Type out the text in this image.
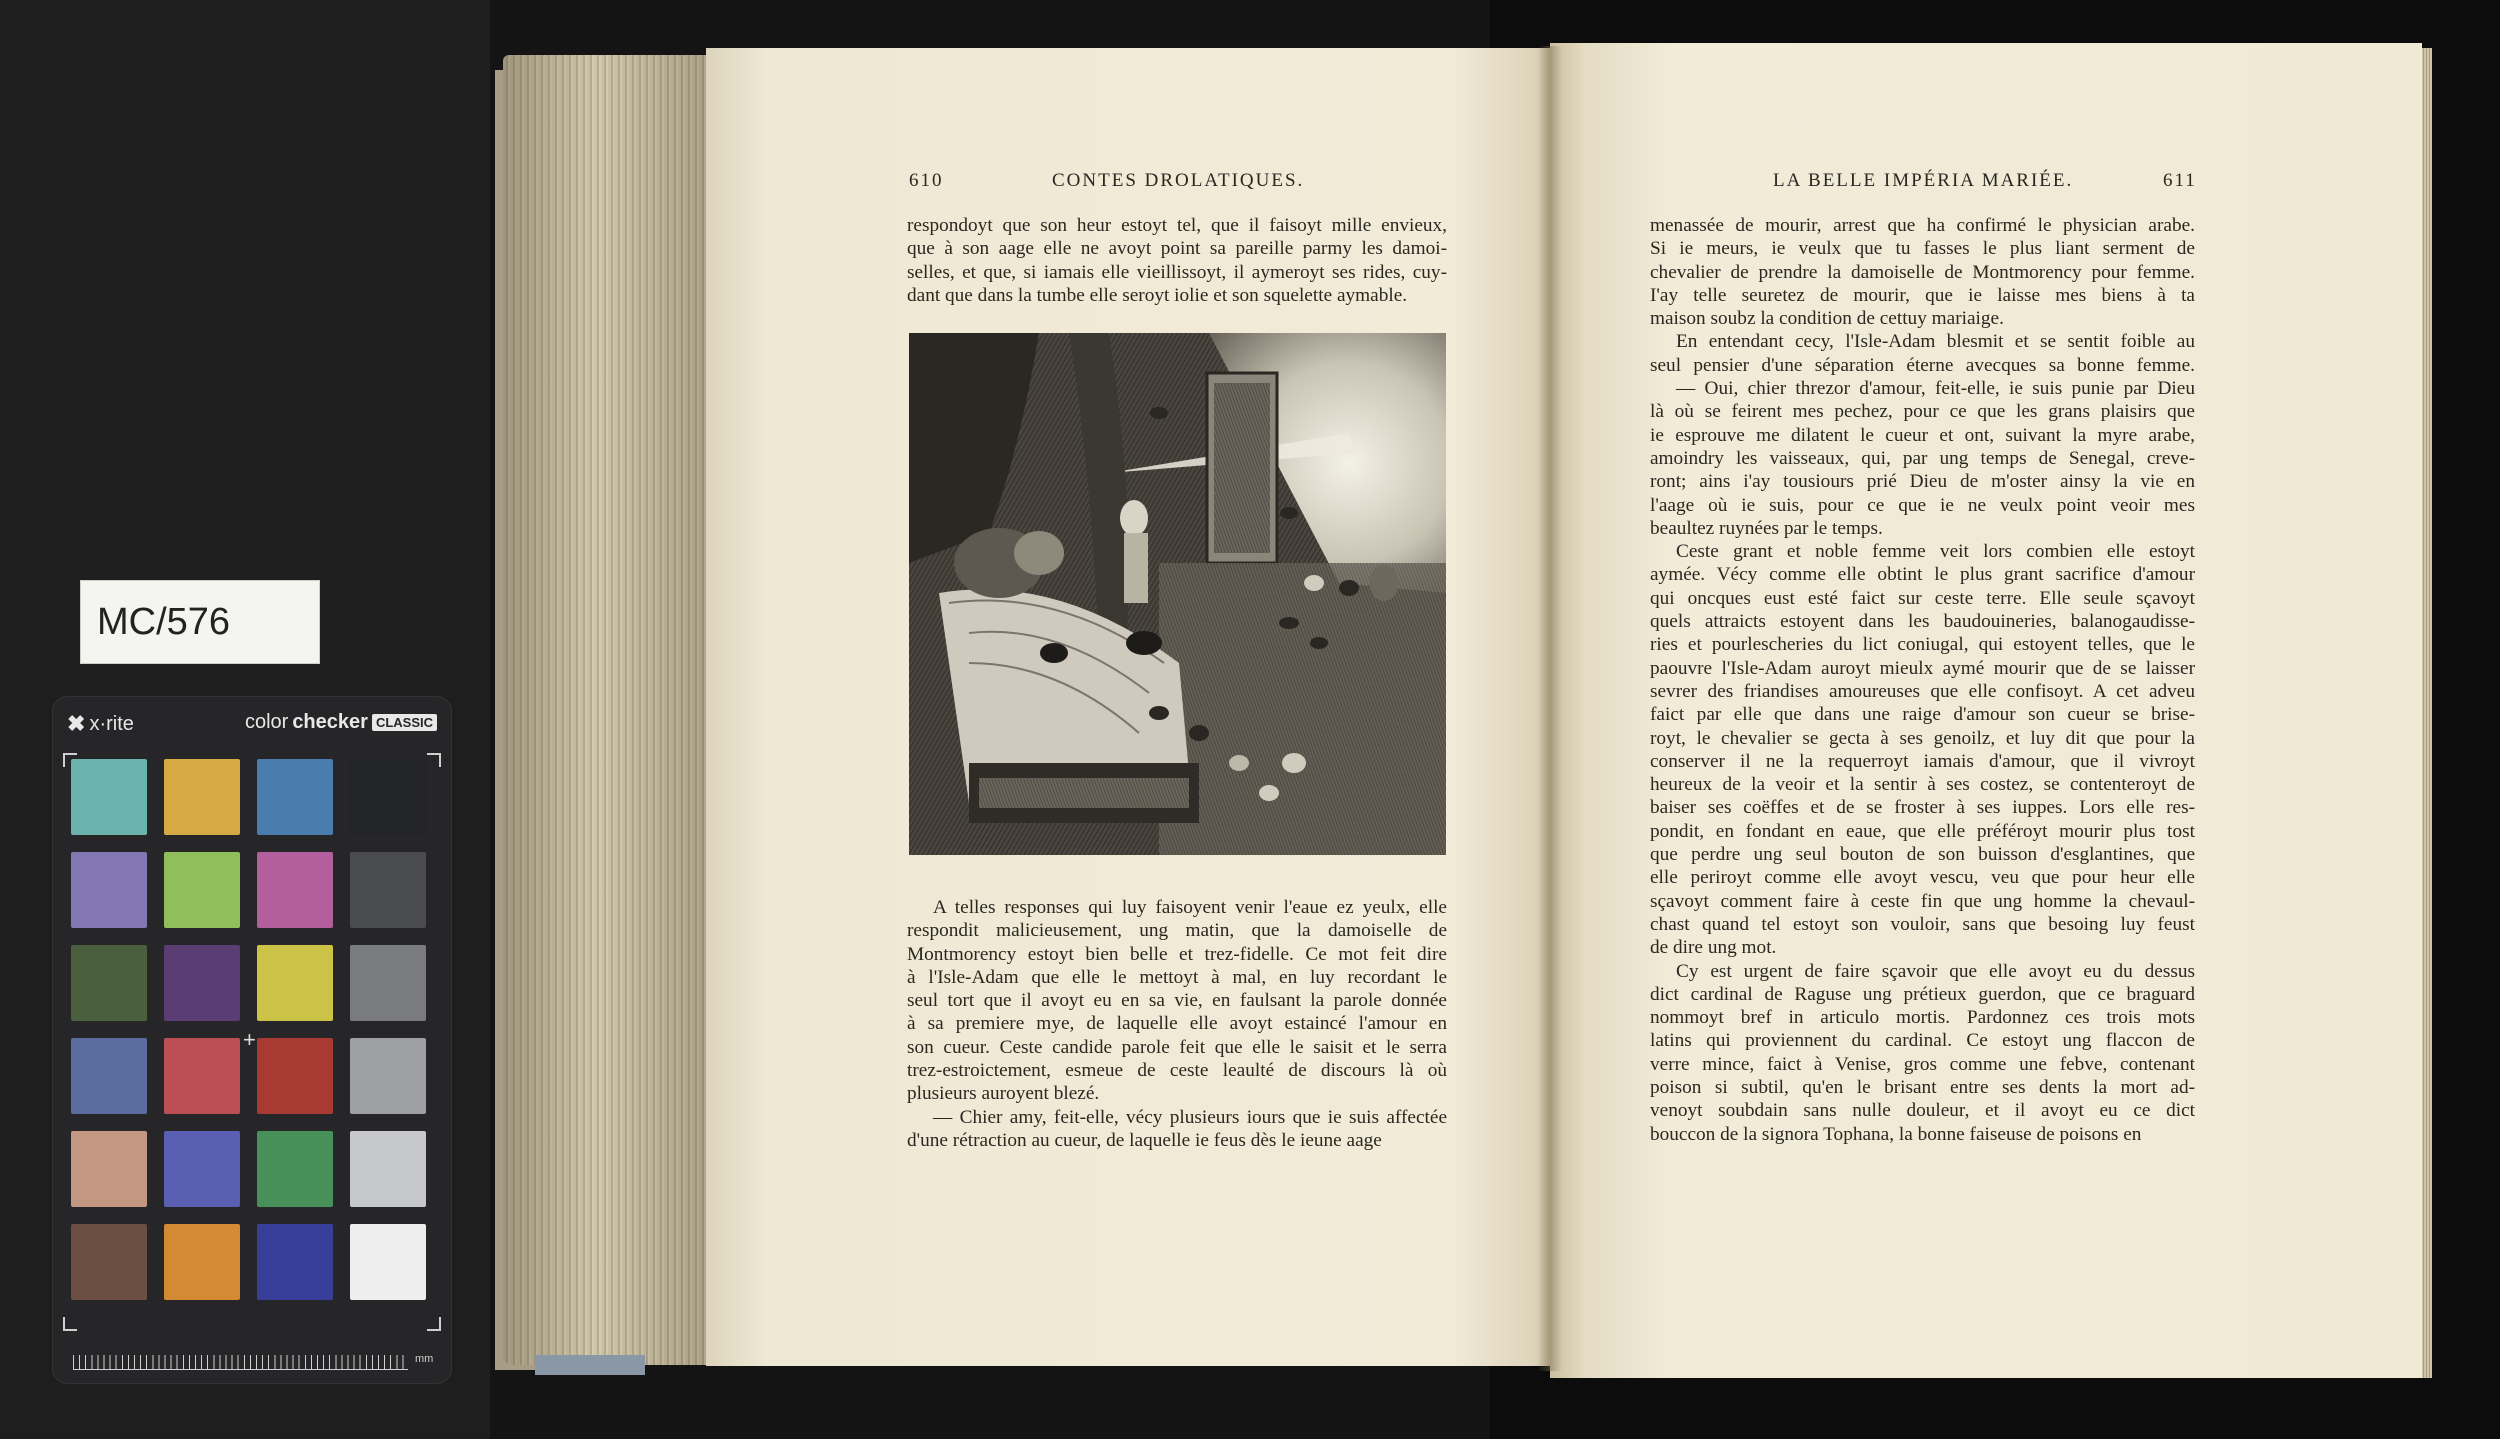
MC/576
✖ x·rite	color checker CLASSIC
+
mm
610	CONTES DROLATIQUES.	LA BELLE IMPÉRIA MARIÉE.	611
respondoyt que son heur estoyt tel, que il faisoyt mille envieux,
que à son aage elle ne avoyt point sa pareille parmy les damoi-
selles, et que, si iamais elle vieillissoyt, il aymeroyt ses rides, cuy-
dant que dans la tumbe elle seroyt iolie et son squelette aymable.
A telles responses qui luy faisoyent venir l'eaue ez yeulx, elle
respondit malicieusement, ung matin, que la damoiselle de
Montmorency estoyt bien belle et trez-fidelle. Ce mot feit dire
à l'Isle-Adam que elle le mettoyt à mal, en luy recordant le
seul tort que il avoyt eu en sa vie, en faulsant la parole donnée
à sa premiere mye, de laquelle elle avoyt estaincé l'amour en
son cueur. Ceste candide parole feit que elle le saisit et le serra
trez-estroictement, esmeue de ceste leaulté de discours là où
plusieurs auroyent blezé.
— Chier amy, feit-elle, vécy plusieurs iours que ie suis affectée
d'une rétraction au cueur, de laquelle ie feus dès le ieune aage
menassée de mourir, arrest que ha confirmé le physician arabe.
Si ie meurs, ie veulx que tu fasses le plus liant serment de
chevalier de prendre la damoiselle de Montmorency pour femme.
I'ay telle seuretez de mourir, que ie laisse mes biens à ta
maison soubz la condition de cettuy mariaige.
En entendant cecy, l'Isle-Adam blesmit et se sentit foible au
seul pensier d'une séparation éterne avecques sa bonne femme.
— Oui, chier threzor d'amour, feit-elle, ie suis punie par Dieu
là où se feirent mes pechez, pour ce que les grans plaisirs que
ie esprouve me dilatent le cueur et ont, suivant la myre arabe,
amoindry les vaisseaux, qui, par ung temps de Senegal, creve-
ront; ains i'ay tousiours prié Dieu de m'oster ainsy la vie en
l'aage où ie suis, pour ce que ie ne veulx point veoir mes
beaultez ruynées par le temps.
Ceste grant et noble femme veit lors combien elle estoyt
aymée. Vécy comme elle obtint le plus grant sacrifice d'amour
qui oncques eust esté faict sur ceste terre. Elle seule sçavoyt
quels attraicts estoyent dans les baudouineries, balanogaudisse-
ries et pourlescheries du lict coniugal, qui estoyent telles, que le
paouvre l'Isle-Adam auroyt mieulx aymé mourir que de se laisser
sevrer des friandises amoureuses que elle confisoyt. A cet adveu
faict par elle que dans une raige d'amour son cueur se brise-
royt, le chevalier se gecta à ses genoilz, et luy dit que pour la
conserver il ne la requerroyt iamais d'amour, que il vivroyt
heureux de la veoir et la sentir à ses costez, se contenteroyt de
baiser ses coëffes et de se froster à ses iuppes. Lors elle res-
pondit, en fondant en eaue, que elle préféroyt mourir plus tost
que perdre ung seul bouton de son buisson d'esglantines, que
elle periroyt comme elle avoyt vescu, veu que pour heur elle
sçavoyt comment faire à ceste fin que ung homme la chevaul-
chast quand tel estoyt son vouloir, sans que besoing luy feust
de dire ung mot.
Cy est urgent de faire sçavoir que elle avoyt eu du dessus
dict cardinal de Raguse ung prétieux guerdon, que ce braguard
nommoyt bref in articulo mortis. Pardonnez ces trois mots
latins qui proviennent du cardinal. Ce estoyt ung flaccon de
verre mince, faict à Venise, gros comme une febve, contenant
poison si subtil, qu'en le brisant entre ses dents la mort ad-
venoyt soubdain sans nulle douleur, et il avoyt eu ce dict
bouccon de la signora Tophana, la bonne faiseuse de poisons en
